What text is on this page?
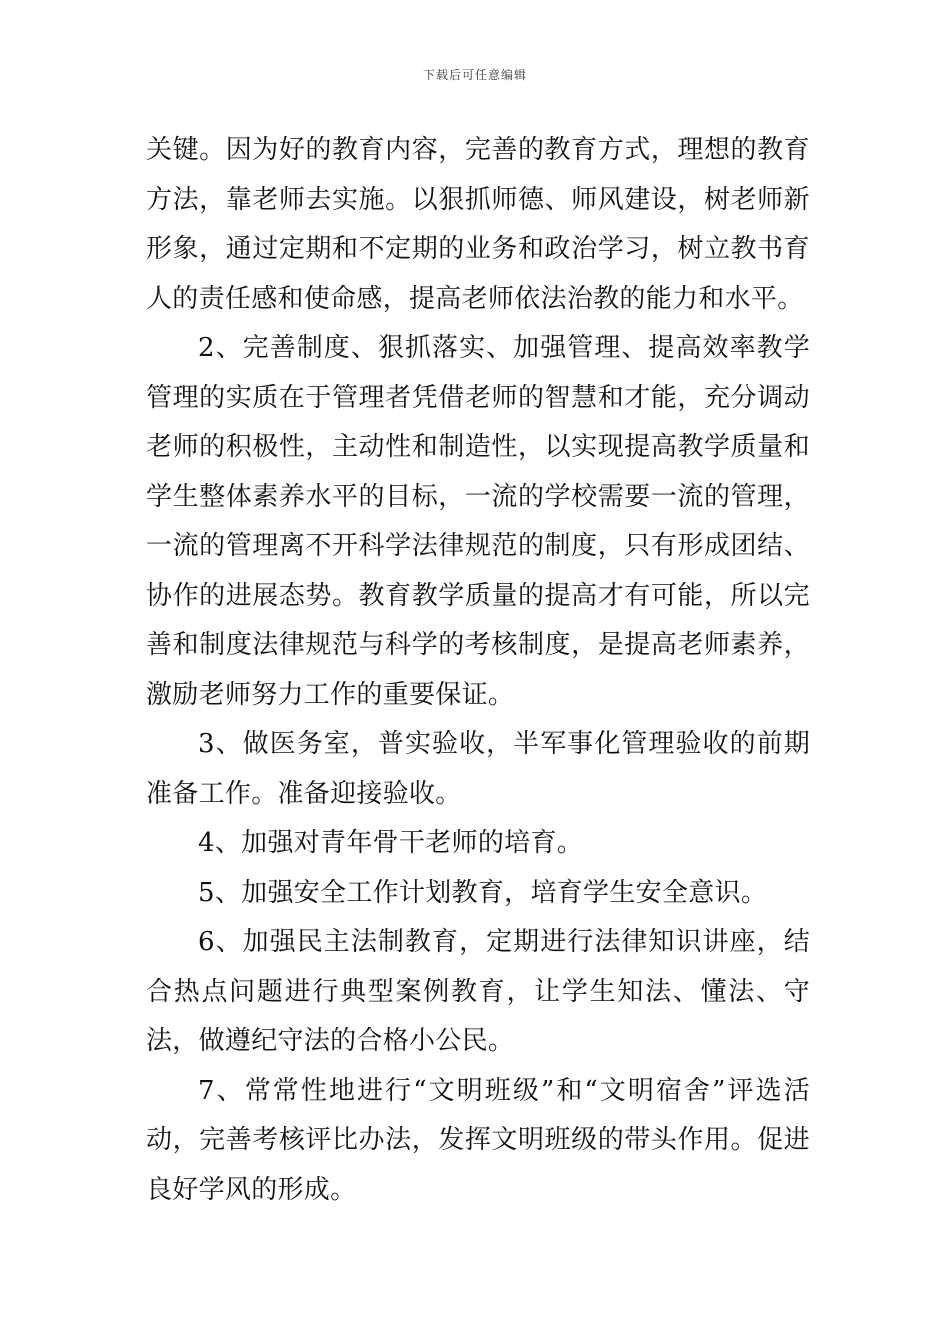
下载后可任意编辑

关键。因为好的教育内容，完善的教育方式，理想的教育方法，靠老师去实施。以狠抓师德、师风建设，树老师新形象，通过定期和不定期的业务和政治学习，树立教书育人的责任感和使命感，提高老师依法治教的能力和水平。

2、完善制度、狠抓落实、加强管理、提高效率教学管理的实质在于管理者凭借老师的智慧和才能，充分调动老师的积极性，主动性和制造性，以实现提高教学质量和学生整体素养水平的目标，一流的学校需要一流的管理，一流的管理离不开科学法律规范的制度，只有形成团结、协作的进展态势。教育教学质量的提高才有可能，所以完善和制度法律规范与科学的考核制度，是提高老师素养，激励老师努力工作的重要保证。

3、做医务室，普实验收，半军事化管理验收的前期准备工作。准备迎接验收。

4、加强对青年骨干老师的培育。

5、加强安全工作计划教育，培育学生安全意识。

6、加强民主法制教育，定期进行法律知识讲座，结合热点问题进行典型案例教育，让学生知法、懂法、守法，做遵纪守法的合格小公民。

7、常常性地进行“文明班级”和“文明宿舍”评选活动，完善考核评比办法，发挥文明班级的带头作用。促进良好学风的形成。
